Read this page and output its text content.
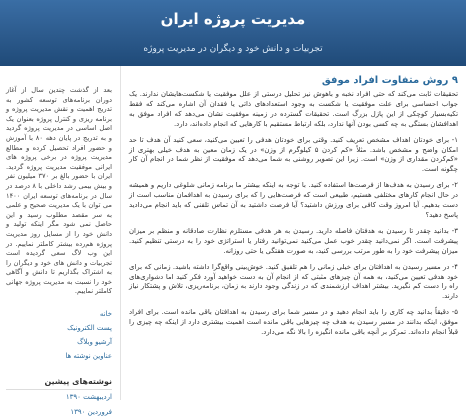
مدیریت پروژه ایران
تجربیات و دانش خود و دیگران در مدیریت پروژه
۹ روش متفاوت افراد موفق

تحقیقات ثابت می‌کند که حتی افراد نخبه و باهوش نیز تحلیل درستی از علل موفقیت یا شکست‌هایشان ندارند. یک جواب احساسی برای علت موفقیت یا شکست به وجود استعدادهای ذاتی یا فقدان آن اشاره می‌کند که فقط تکیه‌بسیار کوچکی از این پازل بزرگ است. تحقیقات گسترده در زمینه موفقیت نشان می‌دهد که افراد موفق به اهدافشان بستگی به چه کسی بودن آنها ندارد، بلکه ارتباط مستقیم با کارهایی که انجام داده‌اند، دارد.

۱- برای خودتان اهداف مشخص تعریف کنید. وقتی برای خودتان هدفی را تعیین می‌کنید، سعی کنید آن هدف تا حد امکان واضح و مشخص باشد. مثلاً «کم کردن ۵ کیلوگرم از وزن» در یک زمان معین به هدف خیلی بهتری از «کم‌کردن مقداری از وزن» است. زیرا این تصویر روشنی به شما می‌دهد که موفقیت از نظر شما در انجام آن کار چگونه است.

۲- برای رسیدن به هدف‌ها از فرصت‌ها استفاده کنید. با توجه به اینکه بیشتر ما برنامه زمانی شلوغی داریم و همیشه در حال انجام کارهای مختلفی هستیم، طبیعی است که فرصت‌هایی را که برای رسیدن به اهدافمان مناسب است از دست بدهیم. آیا امروز وقت کافی برای ورزش داشتید؟ آیا فرصت داشتید به آن تماس تلفنی که باید انجام می‌دادید پاسخ دهید؟

۳- بدانید چقدر تا رسیدن به هدفتان فاصله دارید. رسیدن به هر هدفی مستلزم نظارت صادقانه و منظم بر میزان پیشرفت است. اگر نمی‌دانید چقدر خوب عمل می‌کنید نمی‌توانید رفتار یا استراتژی خود را به درستی تنظیم کنید. میزان پیشرفت خود را به طور مرتب بررسی کنید، به صورت هفتگی یا حتی روزانه.

۴- در مسیر رسیدن به اهدافتان برای خیلی زمانی را هم تلفیق کنید. خوش‌بینی واقع‌گرا داشته باشید. زمانی که برای خود هدفی تعیین می‌کنید، به همه آن چیزهای مثبتی که از انجام آن به دست خواهید آورد فکر کنید اما دشواری‌های راه را دست کم نگیرید. بیشتر اهداف ارزشمندی که در زندگی وجود دارند به زمان، برنامه‌ریزی، تلاش و پشتکار نیاز دارند.

۵- دقیقاً بدانید چه کاری را باید انجام دهید و در مسیر شما برای رسیدن به اهدافتان باقی مانده است. برای افراد موفق، اینکه بدانند در مسیر رسیدن به هدف چه چیزهایی باقی مانده است اهمیت بیشتری دارد از اینکه چه چیزی را قبلاً انجام داده‌اند. تمرکز بر آنچه باقی مانده انگیزه را بالا نگه می‌دارد.

بعد از گذشت چندین سال از آغاز دوران برنامه‌های توسعه کشور به تدریج اهمیت و نقش مدیریت پروژه و برنامه ریزی و کنترل پروژه بعنوان یک اصل اساسی در مدیریت پروژه گردید و به تدریج در پایان دهه ۸۰ با آموزش و حضور افراد تحصیل کرده و مطالع مدیریت پروژه در برخی پروژه های ایرانی موفقیت مدیریت پروژه گردید. ایران با حضور بالغ بر ۳۷۰ میلیون نفر و بیش بیمی رشد داخلی با ۸ درصد در سال در برنامه‌های توسعه ایران ۱۴۰۰ می توان با یک مدیریت صحیح و علمی به سر مقصد مطلوب رسید و این حاصل نمی شود مگر اینکه تولید و دانش خود را از مسایل روز مدیریت پروژه هم‌رده بیشتر کاملتر نماییم. در این وب لاگ سعی گردیده است تجربیات و دانش های خود و دیگران را به اشتراک بگذاریم تا دانش و آگاهی خود را نسبت به مدیریت پروژه جهانی کاملتر نماییم.

خانه
پست الکترونیک
آرشیو وبلاگ
عناوین نوشته ها
نوشته‌های پیشین
اردیبهشت ۱۳۹۰
فروردین ۱۳۹۰
